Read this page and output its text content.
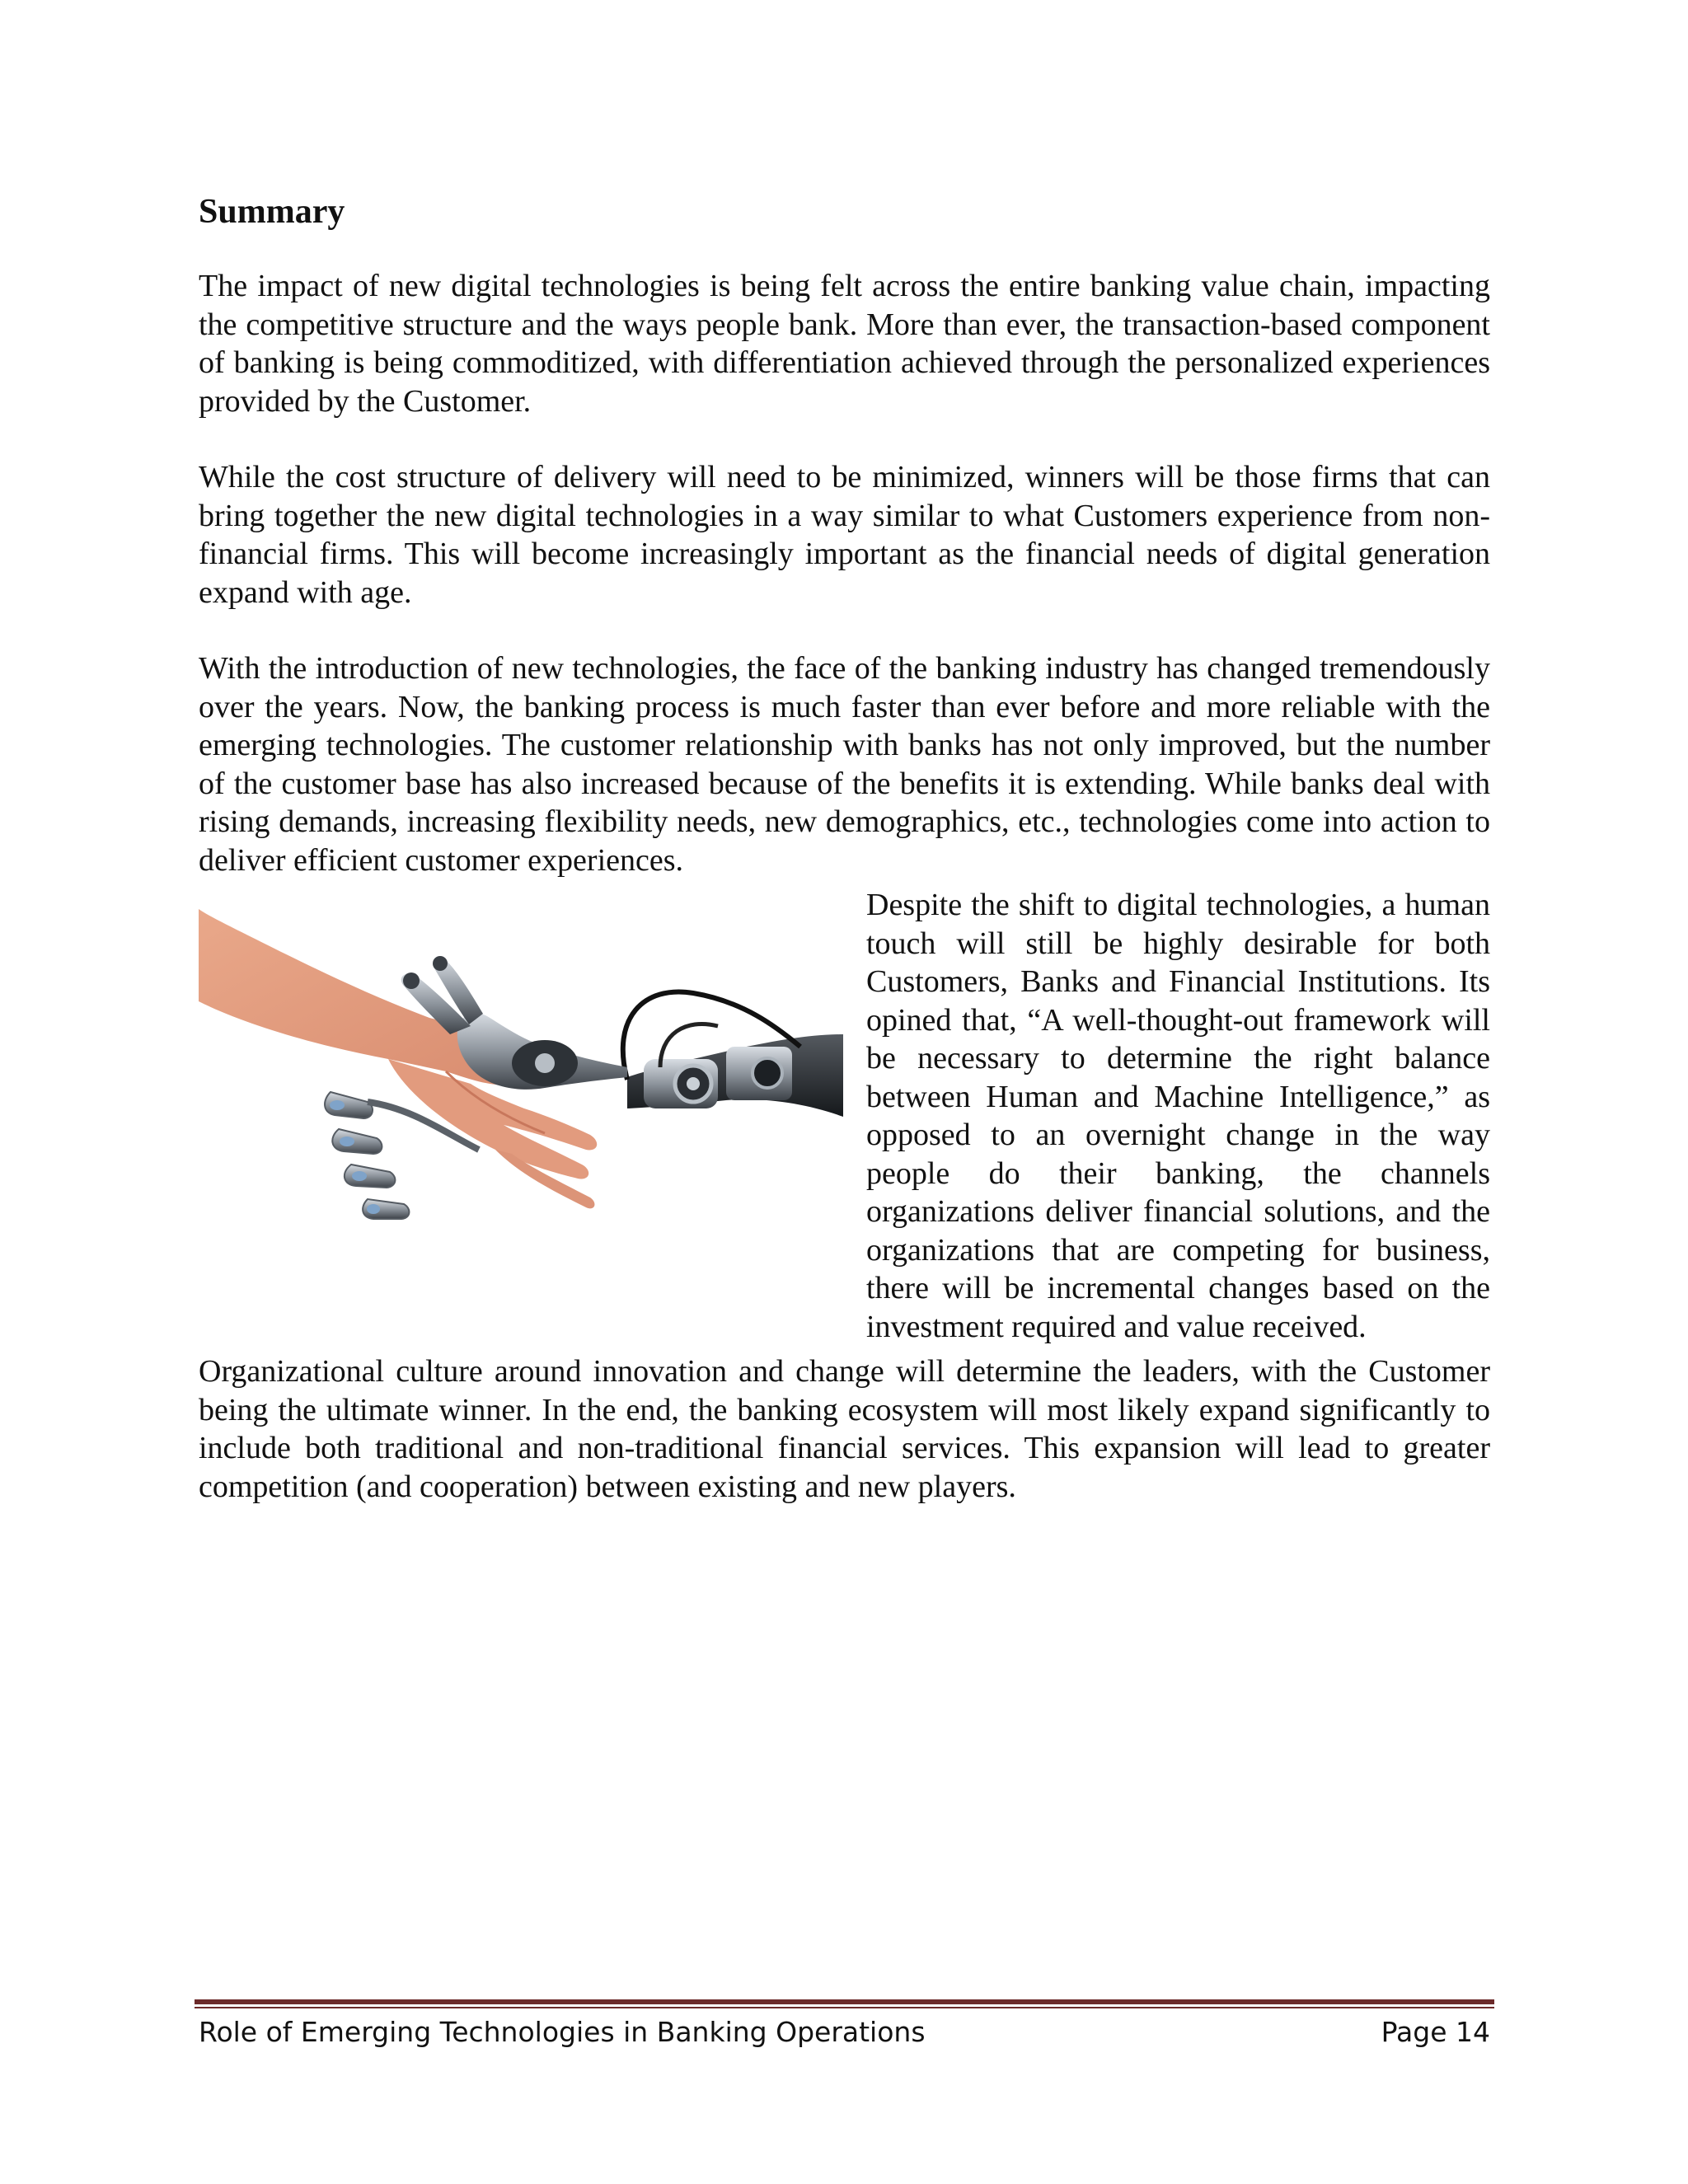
Summary

The impact of new digital technologies is being felt across the entire banking value chain, impacting the competitive structure and the ways people bank. More than ever, the transaction-based component of banking is being commoditized, with differentiation achieved through the personalized experiences provided by the Customer.

While the cost structure of delivery will need to be minimized, winners will be those firms that can bring together the new digital technologies in a way similar to what Customers experience from non-financial firms. This will become increasingly important as the financial needs of digital generation expand with age.

With the introduction of new technologies, the face of the banking industry has changed tremendously over the years. Now, the banking process is much faster than ever before and more reliable with the emerging technologies. The customer relationship with banks has not only improved, but the number of the customer base has also increased because of the benefits it is extending. While banks deal with rising demands, increasing flexibility needs, new demographics, etc., technologies come into action to deliver efficient customer experiences.

Despite the shift to digital technologies, a human touch will still be highly desirable for both Customers, Banks and Financial Institutions. Its opined that, “A well-thought-out framework will be necessary to determine the right balance between Human and Machine Intelligence,” as opposed to an overnight change in the way people do their banking, the channels organizations deliver financial solutions, and the organizations that are competing for business, there will be incremental changes based on the investment required and value received.

Organizational culture around innovation and change will determine the leaders, with the Customer being the ultimate winner. In the end, the banking ecosystem will most likely expand significantly to include both traditional and non-traditional financial services. This expansion will lead to greater competition (and cooperation) between existing and new players.

Role of Emerging Technologies in Banking Operations	Page 14
